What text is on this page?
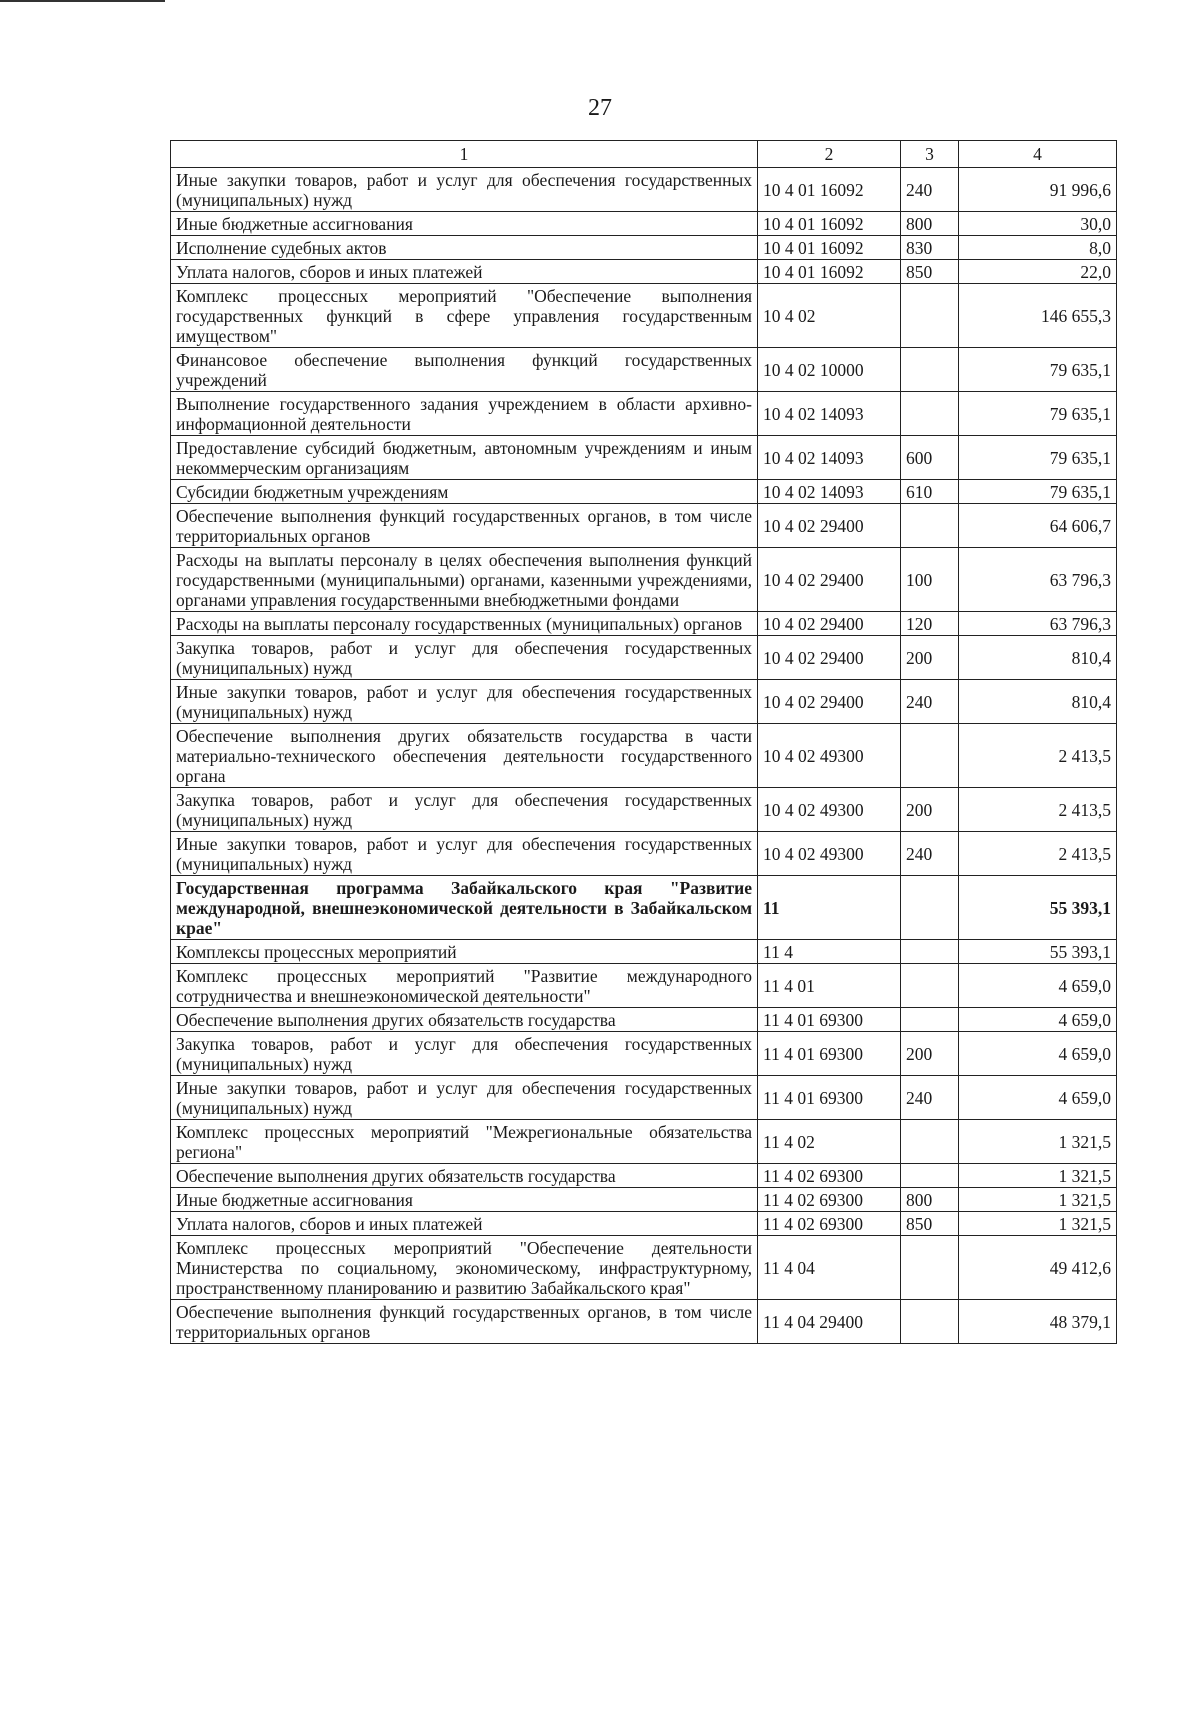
27
1	2	3	4
Иные закупки товаров, работ и услуг для обеспечения государственных (муниципальных) нужд	10 4 01 16092	240	91 996,6
Иные бюджетные ассигнования	10 4 01 16092	800	30,0
Исполнение судебных актов	10 4 01 16092	830	8,0
Уплата налогов, сборов и иных платежей	10 4 01 16092	850	22,0
Комплекс процессных мероприятий "Обеспечение выполнения государственных функций в сфере управления государственным имуществом"	10 4 02		146 655,3
Финансовое обеспечение выполнения функций государственных учреждений	10 4 02 10000		79 635,1
Выполнение государственного задания учреждением в области архивно-информационной деятельности	10 4 02 14093		79 635,1
Предоставление субсидий бюджетным, автономным учреждениям и иным некоммерческим организациям	10 4 02 14093	600	79 635,1
Субсидии бюджетным учреждениям	10 4 02 14093	610	79 635,1
Обеспечение выполнения функций государственных органов, в том числе территориальных органов	10 4 02 29400		64 606,7
Расходы на выплаты персоналу в целях обеспечения выполнения функций государственными (муниципальными) органами, казенными учреждениями, органами управления государственными внебюджетными фондами	10 4 02 29400	100	63 796,3
Расходы на выплаты персоналу государственных (муниципальных) органов	10 4 02 29400	120	63 796,3
Закупка товаров, работ и услуг для обеспечения государственных (муниципальных) нужд	10 4 02 29400	200	810,4
Иные закупки товаров, работ и услуг для обеспечения государственных (муниципальных) нужд	10 4 02 29400	240	810,4
Обеспечение выполнения других обязательств государства в части материально-технического обеспечения деятельности государственного органа	10 4 02 49300		2 413,5
Закупка товаров, работ и услуг для обеспечения государственных (муниципальных) нужд	10 4 02 49300	200	2 413,5
Иные закупки товаров, работ и услуг для обеспечения государственных (муниципальных) нужд	10 4 02 49300	240	2 413,5
Государственная программа Забайкальского края "Развитие международной, внешнеэкономической деятельности в Забайкальском крае"	11		55 393,1
Комплексы процессных мероприятий	11 4		55 393,1
Комплекс процессных мероприятий "Развитие международного сотрудничества и внешнеэкономической деятельности"	11 4 01		4 659,0
Обеспечение выполнения других обязательств государства	11 4 01 69300		4 659,0
Закупка товаров, работ и услуг для обеспечения государственных (муниципальных) нужд	11 4 01 69300	200	4 659,0
Иные закупки товаров, работ и услуг для обеспечения государственных (муниципальных) нужд	11 4 01 69300	240	4 659,0
Комплекс процессных мероприятий "Межрегиональные обязательства региона"	11 4 02		1 321,5
Обеспечение выполнения других обязательств государства	11 4 02 69300		1 321,5
Иные бюджетные ассигнования	11 4 02 69300	800	1 321,5
Уплата налогов, сборов и иных платежей	11 4 02 69300	850	1 321,5
Комплекс процессных мероприятий "Обеспечение деятельности Министерства по социальному, экономическому, инфраструктурному, пространственному планированию и развитию Забайкальского края"	11 4 04		49 412,6
Обеспечение выполнения функций государственных органов, в том числе территориальных органов	11 4 04 29400		48 379,1
